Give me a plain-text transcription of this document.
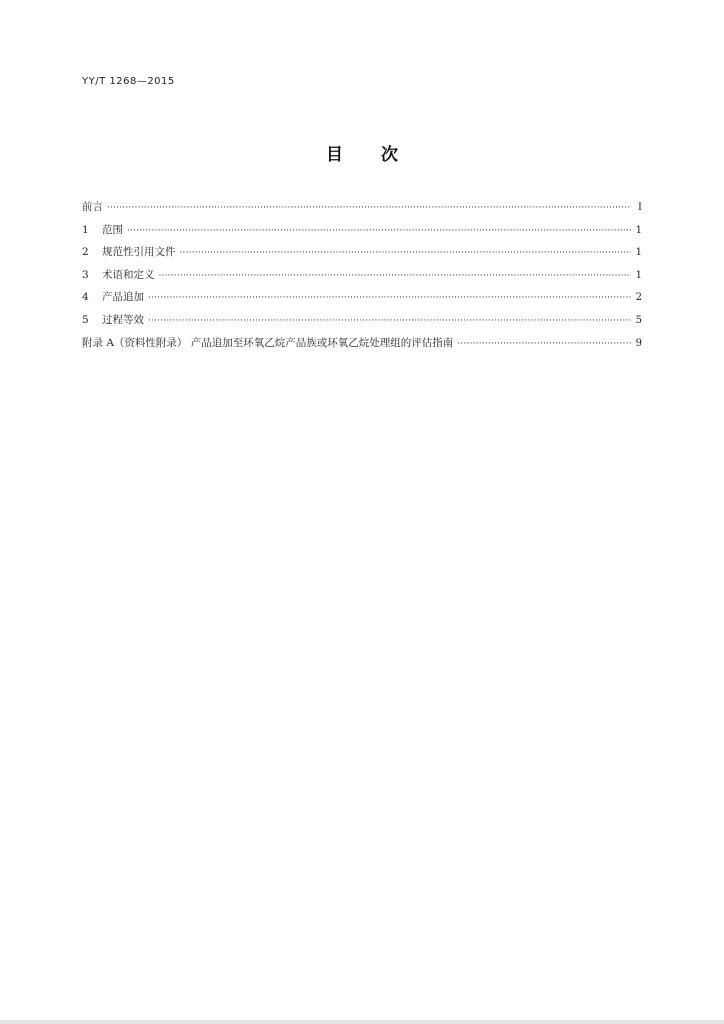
YY/T 1268—2015
目次
前言 ·····	Ⅰ
1	范围 ·····	1
2	规范性引用文件 ·····	1
3	术语和定义 ·····	1
4	产品追加 ·····	2
5	过程等效 ·····	5
附录 A（资料性附录） 产品追加至环氧乙烷产品族或环氧乙烷处理组的评估指南 ·····	9
